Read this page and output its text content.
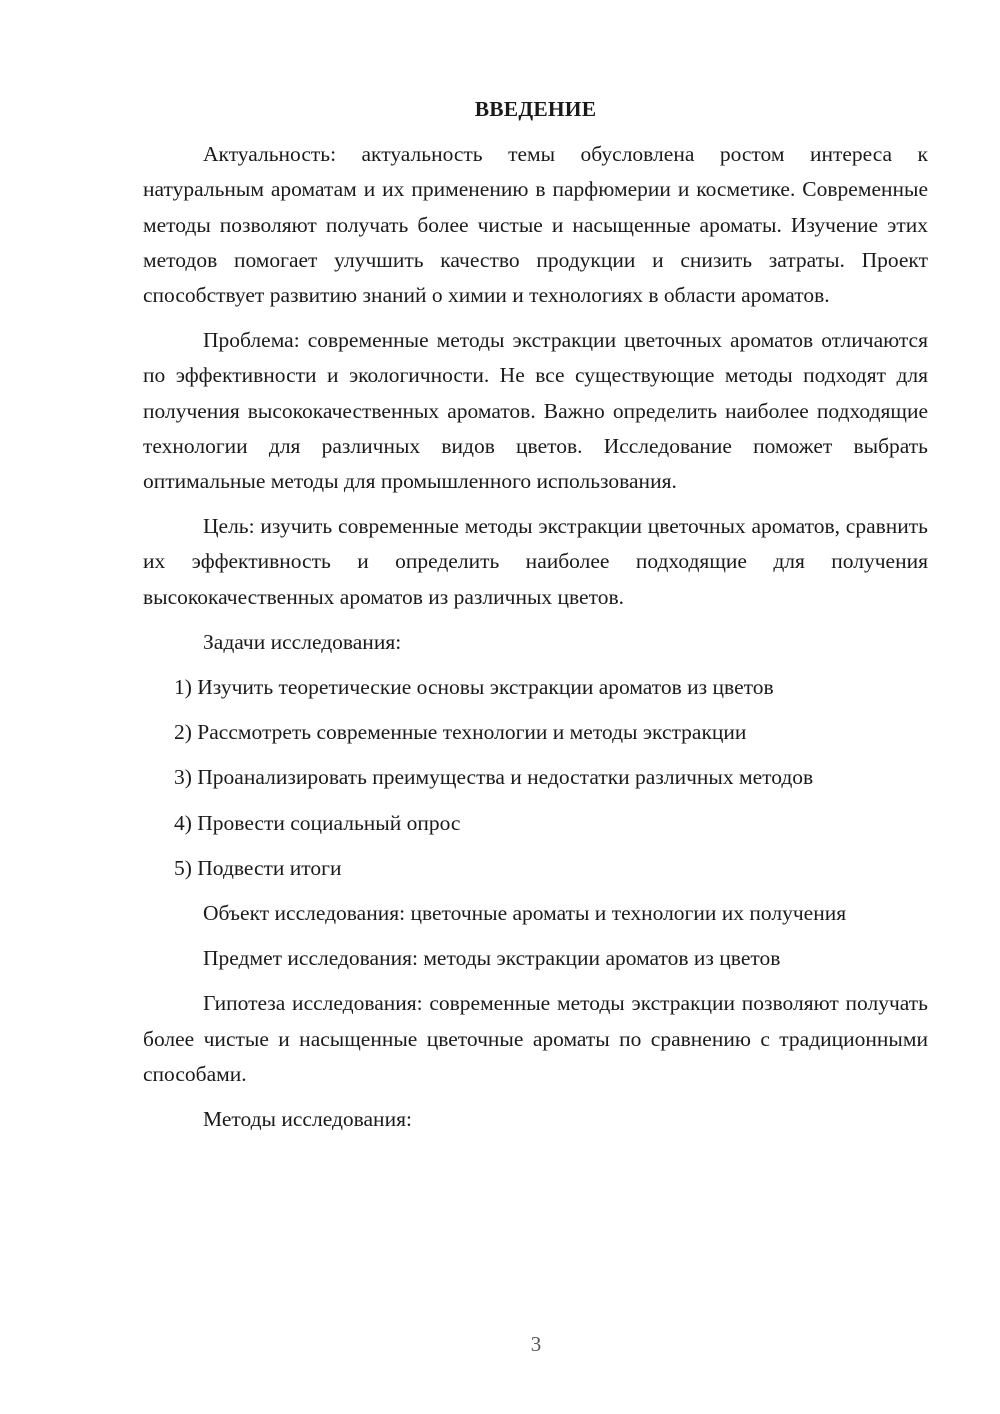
ВВЕДЕНИЕ

Актуальность: актуальность темы обусловлена ростом интереса к натуральным ароматам и их применению в парфюмерии и косметике. Современные методы позволяют получать более чистые и насыщенные ароматы. Изучение этих методов помогает улучшить качество продукции и снизить затраты. Проект способствует развитию знаний о химии и технологиях в области ароматов.

Проблема: современные методы экстракции цветочных ароматов отличаются по эффективности и экологичности. Не все существующие методы подходят для получения высококачественных ароматов. Важно определить наиболее подходящие технологии для различных видов цветов. Исследование поможет выбрать оптимальные методы для промышленного использования.

Цель: изучить современные методы экстракции цветочных ароматов, сравнить их эффективность и определить наиболее подходящие для получения высококачественных ароматов из различных цветов.

Задачи исследования:

1) Изучить теоретические основы экстракции ароматов из цветов

2) Рассмотреть современные технологии и методы экстракции

3) Проанализировать преимущества и недостатки различных методов

4) Провести социальный опрос

5) Подвести итоги

Объект исследования: цветочные ароматы и технологии их получения

Предмет исследования: методы экстракции ароматов из цветов

Гипотеза исследования: современные методы экстракции позволяют получать более чистые и насыщенные цветочные ароматы по сравнению с традиционными способами.

Методы исследования:

3
